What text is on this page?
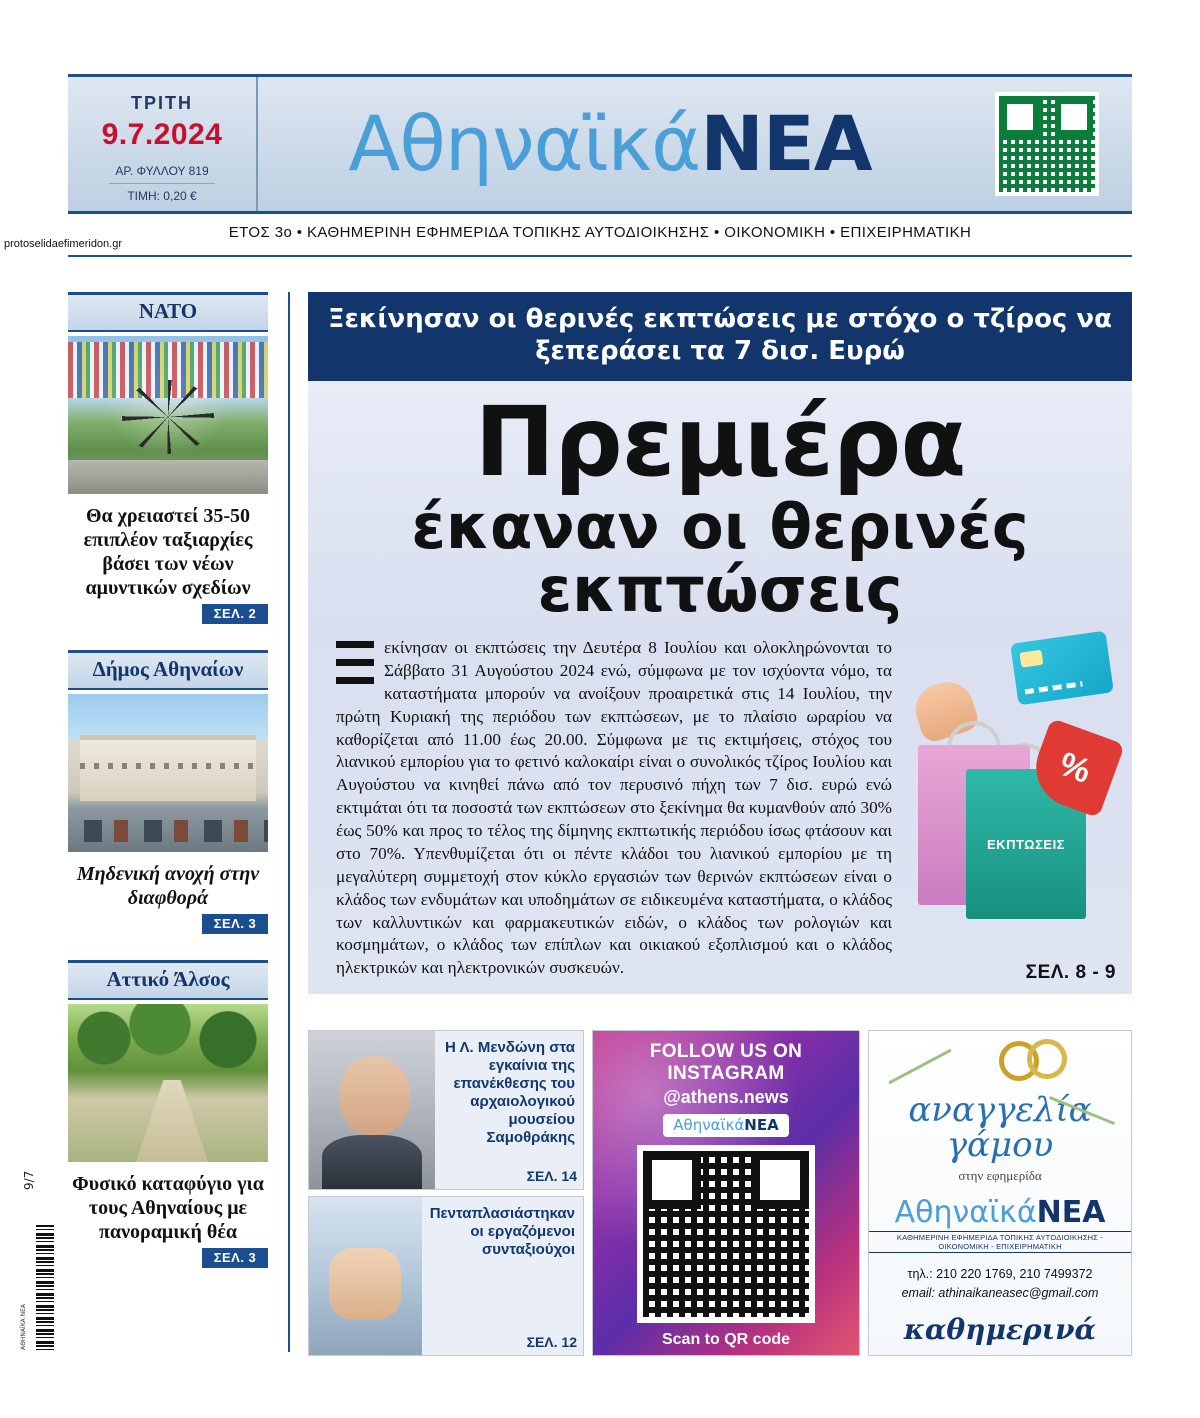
protoselidaefimeridon.gr
9/7
ΑΘΗΝΑΪΚΑ ΝΕΑ
ΤΡΙΤΗ
9.7.2024
ΑΡ. ΦΥΛΛΟΥ 819
ΤΙΜΗ: 0,20 €
ΑθηναϊκάΝΕΑ
ΕΤΟΣ 3ο • ΚΑΘΗΜΕΡΙΝΗ ΕΦΗΜΕΡΙΔΑ ΤΟΠΙΚΗΣ ΑΥΤΟΔΙΟΙΚΗΣΗΣ • ΟΙΚΟΝΟΜΙΚΗ • ΕΠΙΧΕΙΡΗΜΑΤΙΚΗ
ΝΑΤΟ
Θα χρειαστεί 35-50 επιπλέον ταξιαρχίες βάσει των νέων αμυντικών σχεδίων
ΣΕΛ. 2
Δήμος Αθηναίων
Μηδενική ανοχή στην διαφθορά
ΣΕΛ. 3
Αττικό Άλσος
Φυσικό καταφύγιο για τους Αθηναίους με πανοραμική θέα
ΣΕΛ. 3
Ξεκίνησαν οι θερινές εκπτώσεις με στόχο ο τζίρος να ξεπεράσει τα 7 δισ. Ευρώ
Πρεμιέρα
έκαναν οι θερινές εκπτώσεις
ΕΚΠΤΩΣΕΙΣ
%
εκίνησαν οι εκπτώσεις την Δευτέρα 8 Ιουλίου και ολοκληρώνονται το Σάββατο 31 Αυγούστου 2024 ενώ, σύμφωνα με τον ισχύοντα νόμο, τα καταστήματα μπορούν να ανοίξουν προαιρετικά στις 14 Ιουλίου, την πρώτη Κυριακή της περιόδου των εκπτώσεων, με το πλαίσιο ωραρίου να καθορίζεται από 11.00 έως 20.00. Σύμφωνα με τις εκτιμήσεις, στόχος του λιανικού εμπορίου για το φετινό καλοκαίρι είναι ο συνολικός τζίρος Ιουλίου και Αυγούστου να κινηθεί πάνω από τον περυσινό πήχη των 7 δισ. ευρώ ενώ εκτιμάται ότι τα ποσοστά των εκπτώσεων στο ξεκίνημα θα κυμανθούν από 30% έως 50% και προς το τέλος της δίμηνης εκπτωτικής περιόδου ίσως φτάσουν και στο 70%. Υπενθυμίζεται ότι οι πέντε κλάδοι του λιανικού εμπορίου με τη μεγαλύτερη συμμετοχή στον κύκλο εργασιών των θερινών εκπτώσεων είναι ο κλάδος των ενδυμάτων και υποδημάτων σε ειδικευμένα καταστήματα, ο κλάδος των καλλυντικών και φαρμακευτικών ειδών, ο κλάδος των ρολογιών και κοσμημάτων, ο κλάδος των επίπλων και οικιακού εξοπλισμού και ο κλάδος ηλεκτρικών και ηλεκτρονικών συσκευών.	ΣΕΛ. 8 - 9
Η Λ. Μενδώνη στα εγκαίνια της επανέκθεσης του αρχαιολογικού μουσείου Σαμοθράκης
ΣΕΛ. 14
Πενταπλασιάστηκαν οι εργαζόμενοι συνταξιούχοι
ΣΕΛ. 12
FOLLOW US ON INSTAGRAM
@athens.news
ΑθηναϊκάΝΕΑ
Scan to QR code
αναγγελία
γάμου
στην εφημερίδα
ΑθηναϊκάΝΕΑ
ΚΑΘΗΜΕΡΙΝΗ ΕΦΗΜΕΡΙΔΑ ΤΟΠΙΚΗΣ ΑΥΤΟΔΙΟΙΚΗΣΗΣ - ΟΙΚΟΝΟΜΙΚΗ - ΕΠΙΧΕΙΡΗΜΑΤΙΚΗ
τηλ.: 210 220 1769, 210 7499372
email: athinaikaneasec@gmail.com
καθημερινά
